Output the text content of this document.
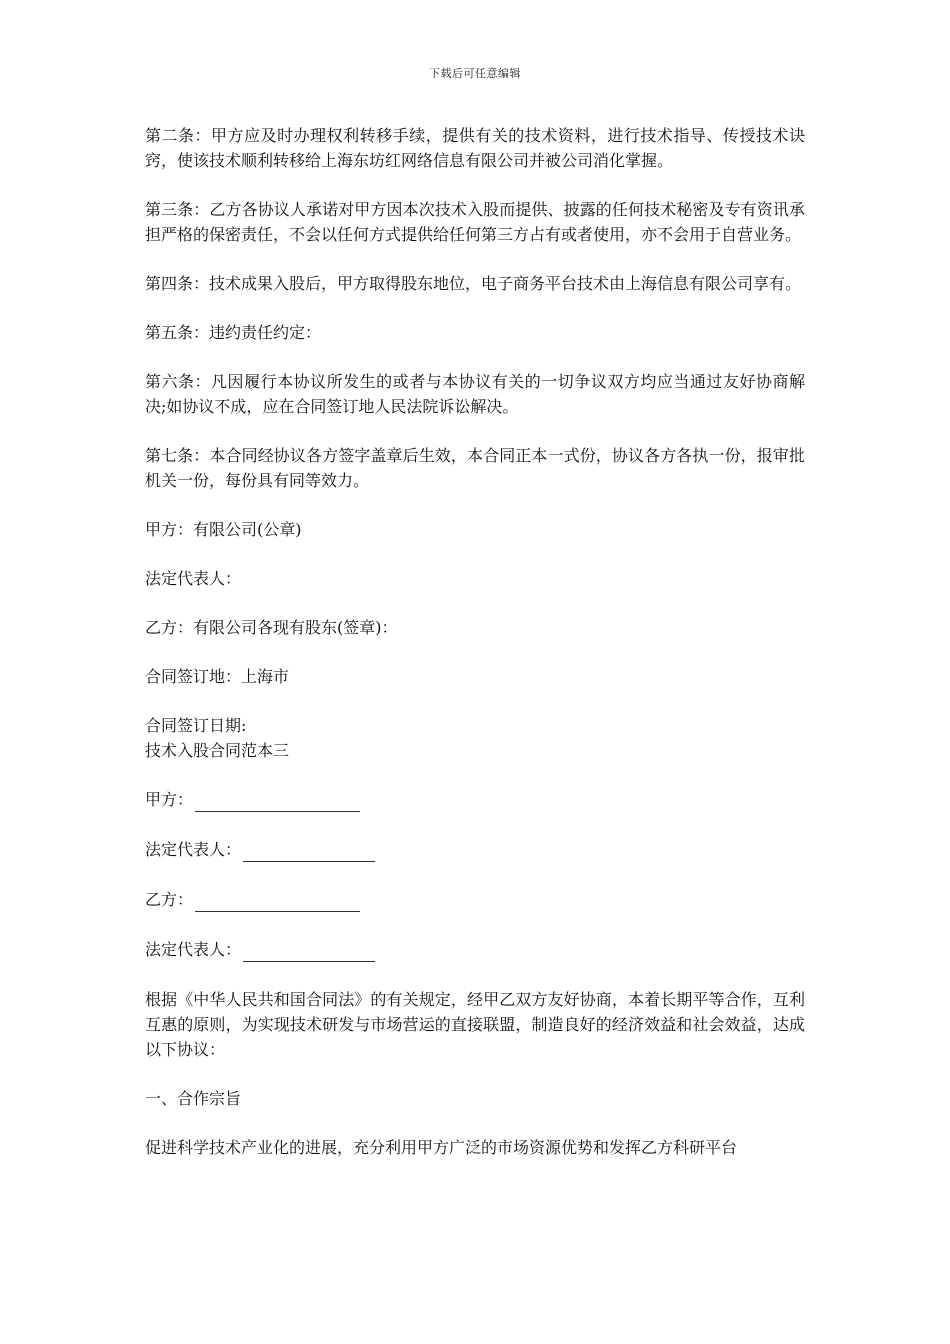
下载后可任意编辑

第二条：甲方应及时办理权利转移手续，提供有关的技术资料，进行技术指导、传授技术诀窍，使该技术顺利转移给上海东坊红网络信息有限公司并被公司消化掌握。

第三条：乙方各协议人承诺对甲方因本次技术入股而提供、披露的任何技术秘密及专有资讯承担严格的保密责任，不会以任何方式提供给任何第三方占有或者使用，亦不会用于自营业务。

第四条：技术成果入股后，甲方取得股东地位，电子商务平台技术由上海信息有限公司享有。

第五条：违约责任约定：

第六条：凡因履行本协议所发生的或者与本协议有关的一切争议双方均应当通过友好协商解决;如协议不成，应在合同签订地人民法院诉讼解决。

第七条：本合同经协议各方签字盖章后生效，本合同正本一式份，协议各方各执一份，报审批机关一份，每份具有同等效力。

甲方：有限公司(公章)

法定代表人：

乙方：有限公司各现有股东(签章)：

合同签订地：上海市

合同签订日期:

技术入股合同范本三

甲方：
法定代表人：
乙方：
法定代表人：

根据《中华人民共和国合同法》的有关规定，经甲乙双方友好协商，本着长期平等合作，互利互惠的原则，为实现技术研发与市场营运的直接联盟，制造良好的经济效益和社会效益，达成以下协议：

一、合作宗旨

促进科学技术产业化的进展，充分利用甲方广泛的市场资源优势和发挥乙方科研平台
